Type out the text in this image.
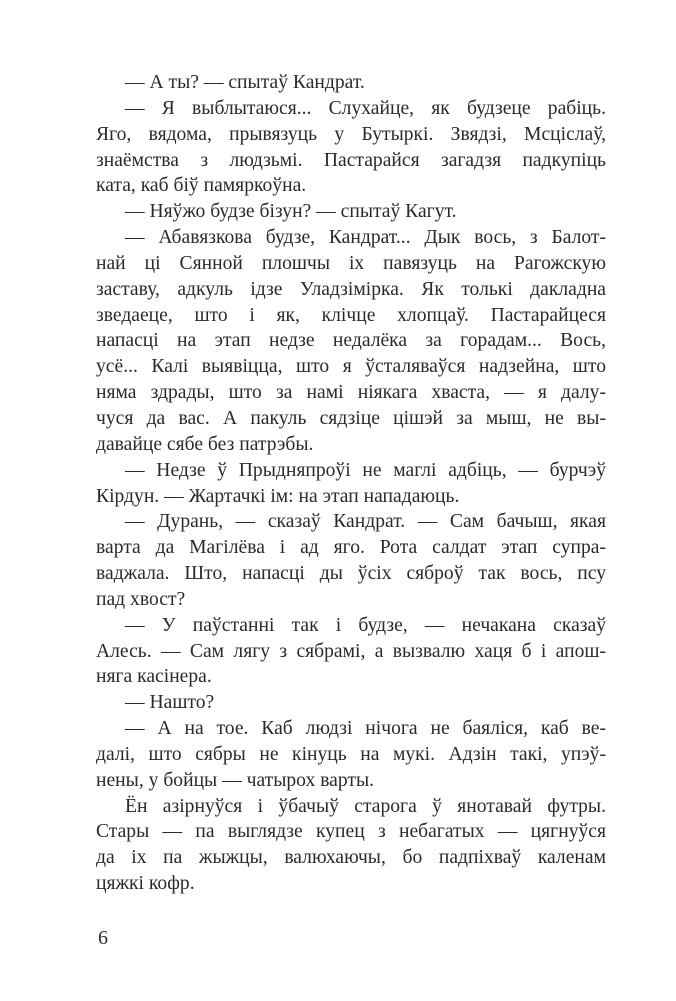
— А ты? — спытаў Кандрат.
— Я выблытаюся... Слухайце, як будзеце рабіць.
Яго, вядома, прывязуць у Бутыркі. Звядзі, Мсціслаў,
знаёмства з людзьмі. Пастарайся загадзя падкупіць
ката, каб біў памяркоўна.
— Няўжо будзе бізун? — спытаў Кагут.
— Абавязкова будзе, Кандрат... Дык вось, з Балот-
най ці Сянной плошчы іх павязуць на Рагожскую
заставу, адкуль ідзе Уладзімірка. Як толькі дакладна
зведаеце, што і як, клічце хлопцаў. Пастарайцеся
напасці на этап недзе недалёка за горадам... Вось,
усё... Калі выявіцца, што я ўсталяваўся надзейна, што
няма здрады, што за намі ніякага хваста, — я далу-
чуся да вас. А пакуль сядзіце цішэй за мыш, не вы-
давайце сябе без патрэбы.
— Недзе ў Прыдняпроўі не маглі адбіць, — бурчэў
Кірдун. — Жартачкі ім: на этап нападаюць.
— Дурань, — сказаў Кандрат. — Сам бачыш, якая
варта да Магілёва і ад яго. Рота салдат этап супра-
ваджала. Што, напасці ды ўсіх сяброў так вось, псу
пад хвост?
— У паўстанні так і будзе, — нечакана сказаў
Алесь. — Сам лягу з сябрамі, а вызвалю хаця б і апош-
няга касінера.
— Нашто?
— А на тое. Каб людзі нічога не баяліся, каб ве-
далі, што сябры не кінуць на мукі. Адзін такі, упэў-
нены, у бойцы — чатырох варты.
Ён азірнуўся і ўбачыў старога ў янотавай футры.
Стары — па выглядзе купец з небагатых — цягнуўся
да іх па жыжцы, валюхаючы, бо падпіхваў каленам
цяжкі кофр.
6
